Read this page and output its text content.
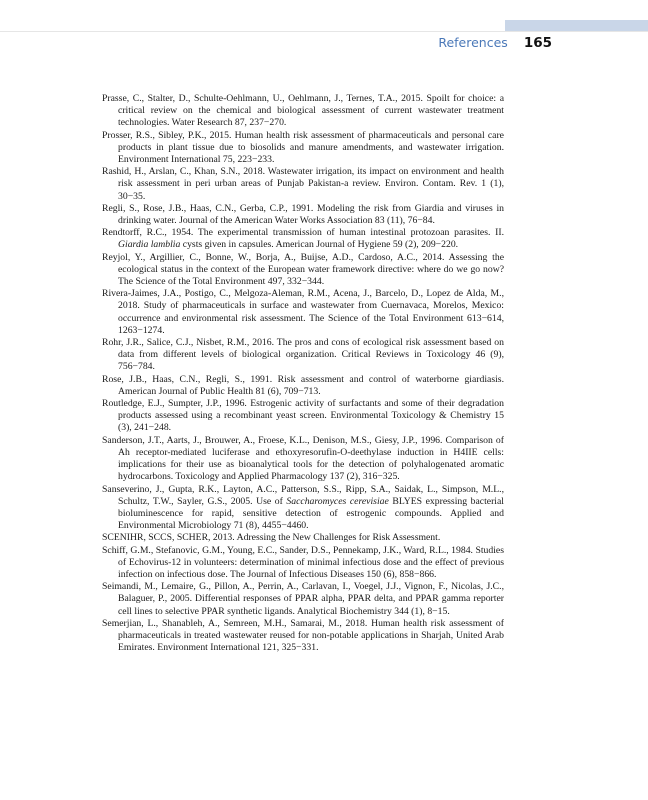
References 165

Prasse, C., Stalter, D., Schulte-Oehlmann, U., Oehlmann, J., Ternes, T.A., 2015. Spoilt for choice: a critical review on the chemical and biological assessment of current wastewater treatment technologies. Water Research 87, 237−270.

Prosser, R.S., Sibley, P.K., 2015. Human health risk assessment of pharmaceuticals and personal care products in plant tissue due to biosolids and manure amendments, and wastewater irrigation. Environment International 75, 223−233.

Rashid, H., Arslan, C., Khan, S.N., 2018. Wastewater irrigation, its impact on environment and health risk assessment in peri urban areas of Punjab Pakistan-a review. Environ. Contam. Rev. 1 (1), 30−35.

Regli, S., Rose, J.B., Haas, C.N., Gerba, C.P., 1991. Modeling the risk from Giardia and viruses in drinking water. Journal of the American Water Works Association 83 (11), 76−84.

Rendtorff, R.C., 1954. The experimental transmission of human intestinal protozoan parasites. II. Giardia lamblia cysts given in capsules. American Journal of Hygiene 59 (2), 209−220.

Reyjol, Y., Argillier, C., Bonne, W., Borja, A., Buijse, A.D., Cardoso, A.C., 2014. Assessing the ecological status in the context of the European water framework directive: where do we go now? The Science of the Total Environment 497, 332−344.

Rivera-Jaimes, J.A., Postigo, C., Melgoza-Aleman, R.M., Acena, J., Barcelo, D., Lopez de Alda, M., 2018. Study of pharmaceuticals in surface and wastewater from Cuernavaca, Morelos, Mexico: occurrence and environmental risk assessment. The Science of the Total Environment 613−614, 1263−1274.

Rohr, J.R., Salice, C.J., Nisbet, R.M., 2016. The pros and cons of ecological risk assessment based on data from different levels of biological organization. Critical Reviews in Toxicology 46 (9), 756−784.

Rose, J.B., Haas, C.N., Regli, S., 1991. Risk assessment and control of waterborne giardiasis. American Journal of Public Health 81 (6), 709−713.

Routledge, E.J., Sumpter, J.P., 1996. Estrogenic activity of surfactants and some of their degradation products assessed using a recombinant yeast screen. Environmental Toxicology & Chemistry 15 (3), 241−248.

Sanderson, J.T., Aarts, J., Brouwer, A., Froese, K.L., Denison, M.S., Giesy, J.P., 1996. Comparison of Ah receptor-mediated luciferase and ethoxyresorufin-O-deethylase induction in H4IIE cells: implications for their use as bioanalytical tools for the detection of polyhalogenated aromatic hydrocarbons. Toxicology and Applied Pharmacology 137 (2), 316−325.

Sanseverino, J., Gupta, R.K., Layton, A.C., Patterson, S.S., Ripp, S.A., Saidak, L., Simpson, M.L., Schultz, T.W., Sayler, G.S., 2005. Use of Saccharomyces cerevisiae BLYES expressing bacterial bioluminescence for rapid, sensitive detection of estrogenic compounds. Applied and Environmental Microbiology 71 (8), 4455−4460.

SCENIHR, SCCS, SCHER, 2013. Adressing the New Challenges for Risk Assessment.

Schiff, G.M., Stefanovic, G.M., Young, E.C., Sander, D.S., Pennekamp, J.K., Ward, R.L., 1984. Studies of Echovirus-12 in volunteers: determination of minimal infectious dose and the effect of previous infection on infectious dose. The Journal of Infectious Diseases 150 (6), 858−866.

Seimandi, M., Lemaire, G., Pillon, A., Perrin, A., Carlavan, I., Voegel, J.J., Vignon, F., Nicolas, J.C., Balaguer, P., 2005. Differential responses of PPAR alpha, PPAR delta, and PPAR gamma reporter cell lines to selective PPAR synthetic ligands. Analytical Biochemistry 344 (1), 8−15.

Semerjian, L., Shanableh, A., Semreen, M.H., Samarai, M., 2018. Human health risk assessment of pharmaceuticals in treated wastewater reused for non-potable applications in Sharjah, United Arab Emirates. Environment International 121, 325−331.
